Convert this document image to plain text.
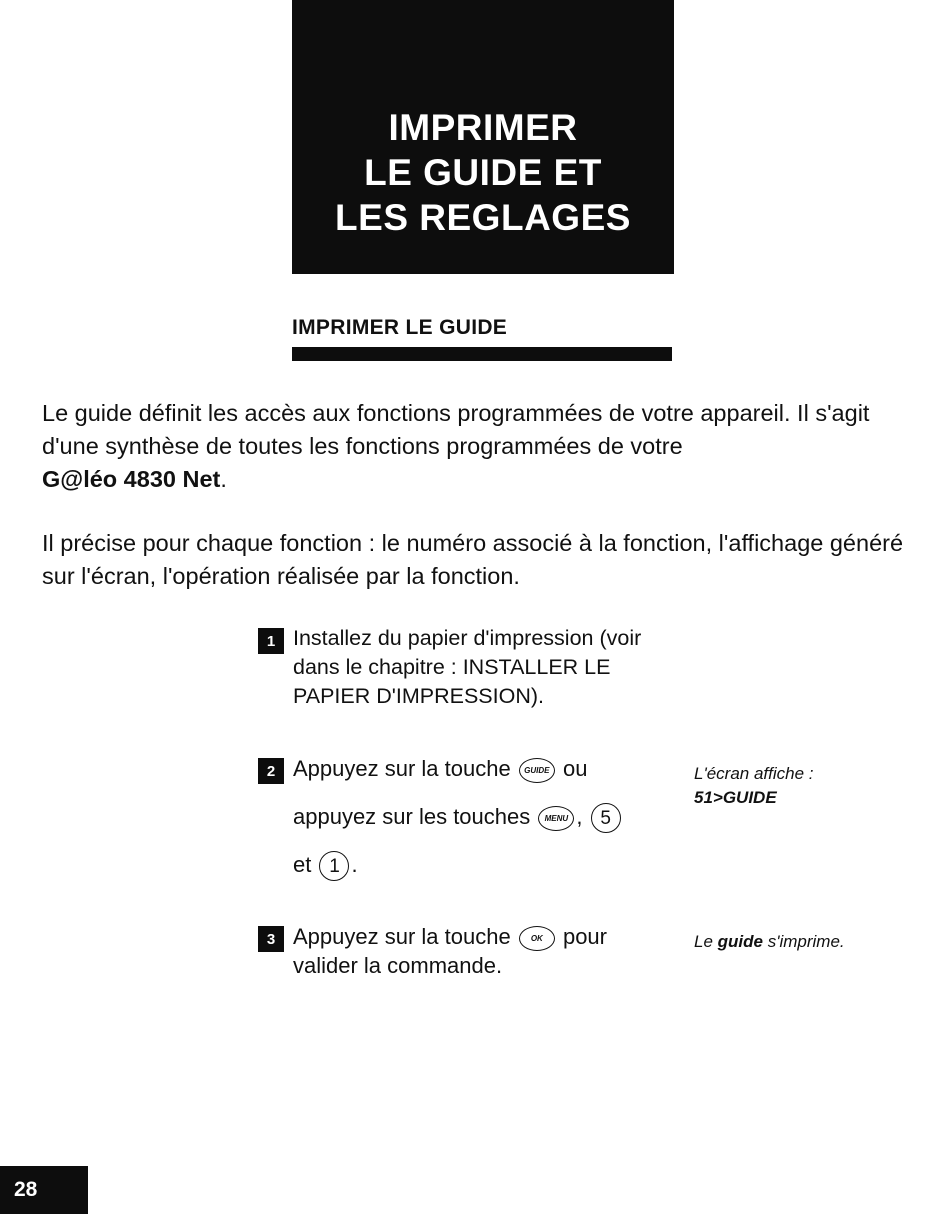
IMPRIMER
LE GUIDE ET
LES REGLAGES
IMPRIMER LE GUIDE

Le guide définit les accès aux fonctions programmées de votre appareil. Il s'agit d'une synthèse de toutes les fonctions programmées de votre
G@léo 4830 Net.

Il précise pour chaque fonction : le numéro associé à la fonction, l'affichage généré sur l'écran, l'opération réalisée par la fonction.

1 Installez du papier d'impression (voir dans le chapitre : INSTALLER LE PAPIER D'IMPRESSION).
2 Appuyez sur la touche GUIDE ou
appuyez sur les touches MENU , 5
et 1 .
L'écran affiche :
51>GUIDE
3 Appuyez sur la touche	OK pour
valider la commande.
Le guide s'imprime.
28
